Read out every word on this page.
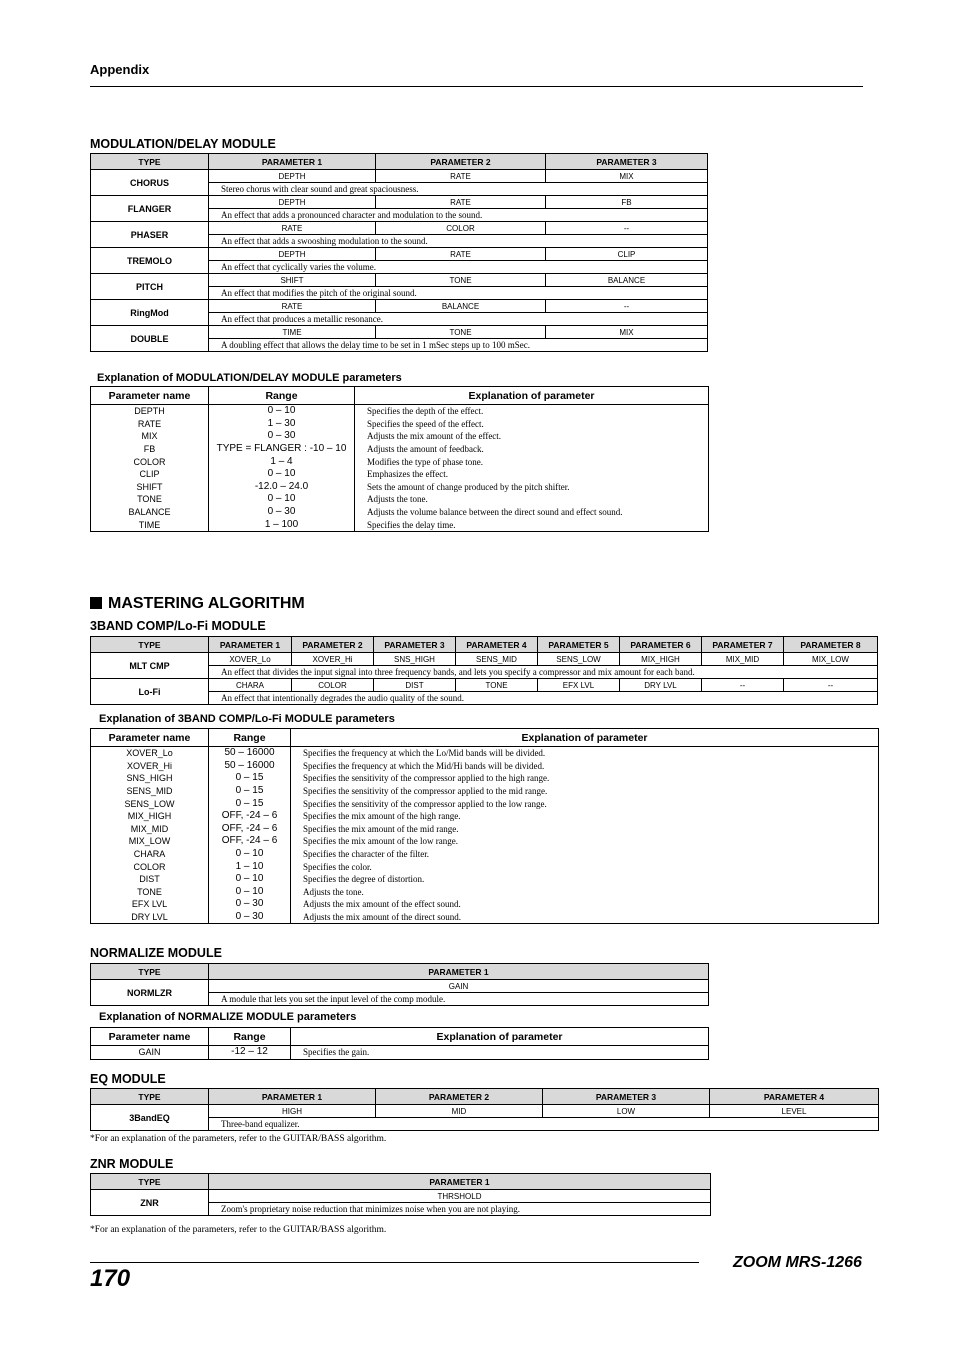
Appendix
MODULATION/DELAY MODULE
TYPE	PARAMETER 1	PARAMETER 2	PARAMETER 3
CHORUS	DEPTH	RATE	MIX
	Stereo chorus with clear sound and great spaciousness.		
FLANGER	DEPTH	RATE	FB
	An effect that adds a pronounced character and modulation to the sound.		
PHASER	RATE	COLOR	--
	An effect that adds a swooshing modulation to the sound.		
TREMOLO	DEPTH	RATE	CLIP
	An effect that cyclically varies the volume.		
PITCH	SHIFT	TONE	BALANCE
	An effect that modifies the pitch of the original sound.		
RingMod	RATE	BALANCE	--
	An effect that produces a metallic resonance.		
DOUBLE	TIME	TONE	MIX
	A doubling effect that allows the delay time to be set in 1 mSec steps up to 100 mSec.		
Explanation of MODULATION/DELAY MODULE parameters
Parameter name	Range	Explanation of parameter
DEPTH	0 – 10	Specifies the depth of the effect.
RATE	1 – 30	Specifies the speed of the effect.
MIX	0 – 30	Adjusts the mix amount of the effect.
FB	TYPE = FLANGER : -10 – 10	Adjusts the amount of feedback.
COLOR	1 – 4	Modifies the type of phase tone.
CLIP	0 – 10	Emphasizes the effect.
SHIFT	-12.0 – 24.0	Sets the amount of change produced by the pitch shifter.
TONE	0 – 10	Adjusts the tone.
BALANCE	0 – 30	Adjusts the volume balance between the direct sound and effect sound.
TIME	1 – 100	Specifies the delay time.
MASTERING ALGORITHM
3BAND COMP/Lo-Fi MODULE
TYPE	PARAMETER 1	PARAMETER 2	PARAMETER 3	PARAMETER 4	PARAMETER 5	PARAMETER 6	PARAMETER 7	PARAMETER 8
MLT CMP	XOVER_Lo	XOVER_Hi	SNS_HIGH	SENS_MID	SENS_LOW	MIX_HIGH	MIX_MID	MIX_LOW
	An effect that divides the input signal into three frequency bands, and lets you specify a compressor and mix amount for each band.							
Lo-Fi	CHARA	COLOR	DIST	TONE	EFX LVL	DRY LVL	--	--
	An effect that intentionally degrades the audio quality of the sound.							
Explanation of 3BAND COMP/Lo-Fi MODULE parameters
Parameter name	Range	Explanation of parameter
XOVER_Lo	50 – 16000	Specifies the frequency at which the Lo/Mid bands will be divided.
XOVER_Hi	50 – 16000	Specifies the frequency at which the Mid/Hi bands will be divided.
SNS_HIGH	0 – 15	Specifies the sensitivity of the compressor applied to the high range.
SENS_MID	0 – 15	Specifies the sensitivity of the compressor applied to the mid range.
SENS_LOW	0 – 15	Specifies the sensitivity of the compressor applied to the low range.
MIX_HIGH	OFF, -24 – 6	Specifies the mix amount of the high range.
MIX_MID	OFF, -24 – 6	Specifies the mix amount of the mid range.
MIX_LOW	OFF, -24 – 6	Specifies the mix amount of the low range.
CHARA	0 – 10	Specifies the character of the filter.
COLOR	1 – 10	Specifies the color.
DIST	0 – 10	Specifies the degree of distortion.
TONE	0 – 10	Adjusts the tone.
EFX LVL	0 – 30	Adjusts the mix amount of the effect sound.
DRY LVL	0 – 30	Adjusts the mix amount of the direct sound.
NORMALIZE MODULE
TYPE	PARAMETER 1
NORMLZR	GAIN
	A module that lets you set the input level of the comp module.
Explanation of NORMALIZE MODULE parameters
Parameter name	Range	Explanation of parameter
GAIN	-12 – 12	Specifies the gain.
EQ MODULE
TYPE	PARAMETER 1	PARAMETER 2	PARAMETER 3	PARAMETER 4
3BandEQ	HIGH	MID	LOW	LEVEL
	Three-band equalizer.			
*For an explanation of the parameters, refer to the GUITAR/BASS algorithm.
ZNR MODULE
TYPE	PARAMETER 1
ZNR	THRSHOLD
	Zoom's proprietary noise reduction that minimizes noise when you are not playing.
*For an explanation of the parameters, refer to the GUITAR/BASS algorithm.
170
ZOOM MRS-1266
